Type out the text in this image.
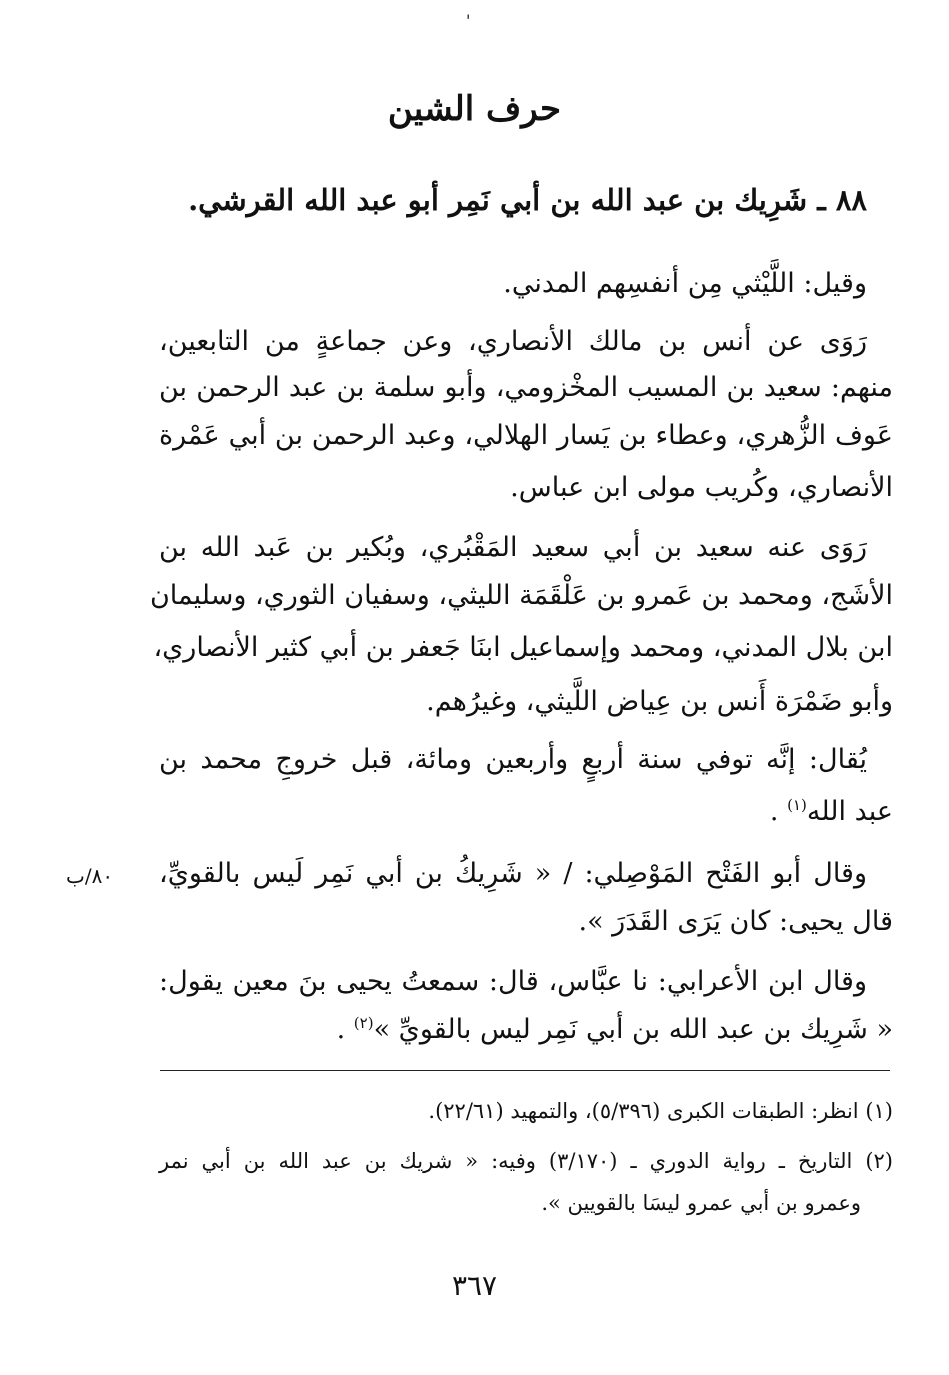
'
حرف الشين
٨٨ ـ شَرِيك بن عبد الله بن أبي نَمِر أبو عبد الله القرشي.
وقيل: اللَّيْثي مِن أنفسِهم المدني.
رَوَى عن أنس بن مالك الأنصاري، وعن جماعةٍ من التابعين،
منهم: سعيد بن المسيب المخْزومي، وأبو سلمة بن عبد الرحمن بن
عَوف الزُّهري، وعطاء بن يَسار الهلالي، وعبد الرحمن بن أبي عَمْرة
الأنصاري، وكُريب مولى ابن عباس.
رَوَى عنه سعيد بن أبي سعيد المَقْبُري، وبُكير بن عَبد الله بن
الأشَج، ومحمد بن عَمرو بن عَلْقَمَة الليثي، وسفيان الثوري، وسليمان
ابن بلال المدني، ومحمد وإسماعيل ابنَا جَعفر بن أبي كثير الأنصاري،
وأبو ضَمْرَة أَنس بن عِياض اللَّيثي، وغيرُهم.
يُقال: إنَّه توفي سنة أربعٍ وأربعين ومائة، قبل خروجِ محمد بن
عبد الله$^{(١)}$ .
وقال أبو الفَتْح المَوْصِلي: / « شَرِيكُ بن أبي نَمِر لَيس بالقويِّ،
قال يحيى: كان يَرَى القَدَرَ ».
وقال ابن الأعرابي: نا عبَّاس، قال: سمعتُ يحيى بنَ معين يقول:
« شَرِيك بن عبد الله بن أبي نَمِر ليس بالقويِّ »$^{(٢)}$ .
٨٠/ب
(١) انظر: الطبقات الكبرى (٥/٣٩٦)، والتمهيد (٢٢/٦١).
(٢) التاريخ ـ رواية الدوري ـ (٣/١٧٠) وفيه: « شريك بن عبد الله بن أبي نمر
وعمرو بن أبي عمرو ليسَا بالقويين ».
٣٦٧
